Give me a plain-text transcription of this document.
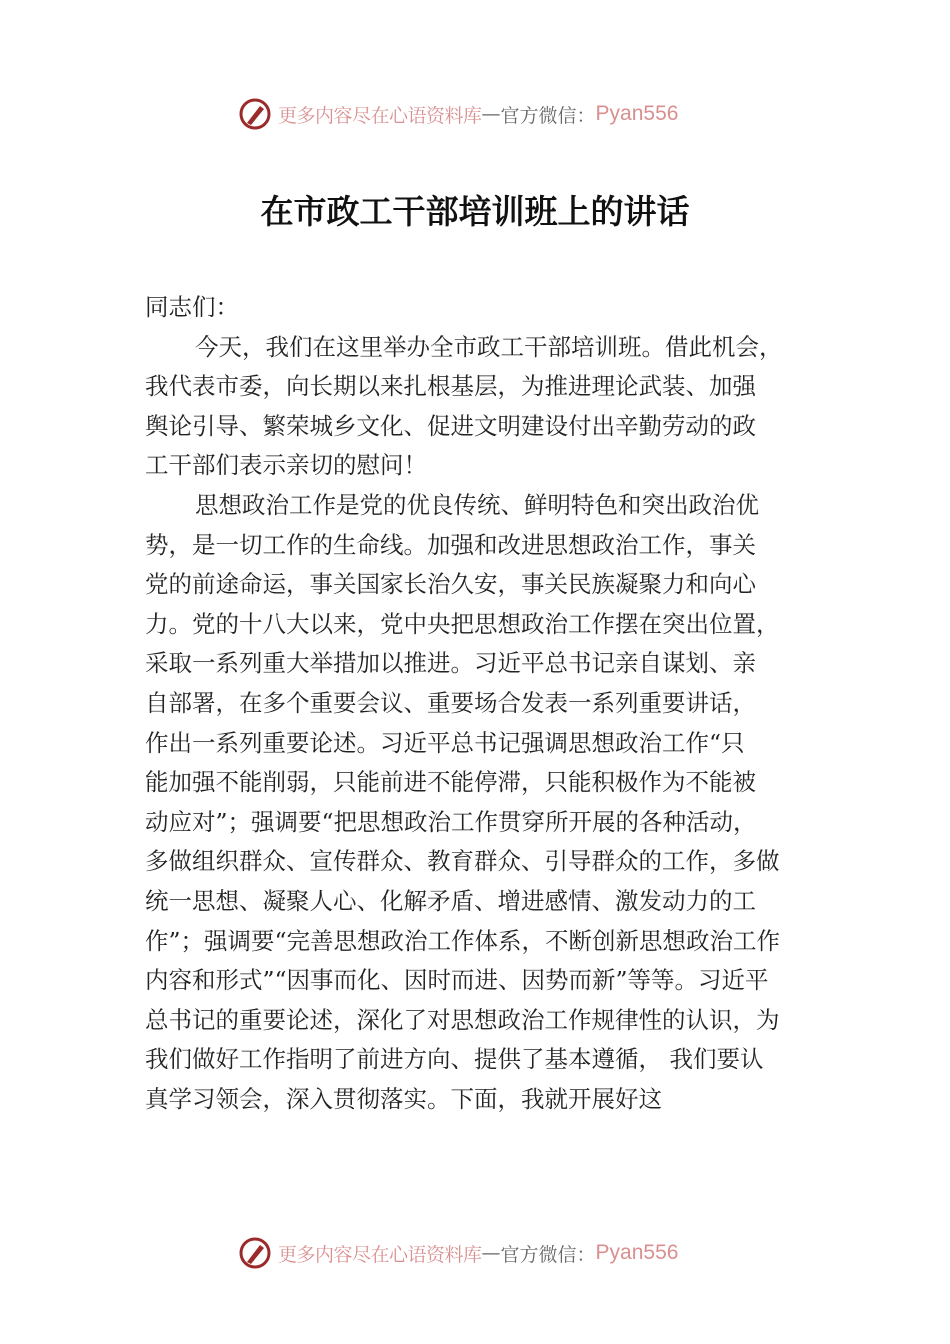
更多内容尽在心语资料库 — 官方微信： Pyan556
在市政工干部培训班上的讲话
同志们：
今天，我们在这里举办全市政工干部培训班。借此机会，
我代表市委，向长期以来扎根基层，为推进理论武装、加强
舆论引导、繁荣城乡文化、促进文明建设付出辛勤劳动的政
工干部们表示亲切的慰问！
思想政治工作是党的优良传统、鲜明特色和突出政治优
势，是一切工作的生命线。加强和改进思想政治工作，事关
党的前途命运，事关国家长治久安，事关民族凝聚力和向心
力。党的十八大以来，党中央把思想政治工作摆在突出位置，
采取一系列重大举措加以推进。习近平总书记亲自谋划、亲
自部署，在多个重要会议、重要场合发表一系列重要讲话，
作出一系列重要论述。习近平总书记强调思想政治工作“只
能加强不能削弱，只能前进不能停滞，只能积极作为不能被
动应对”；强调要“把思想政治工作贯穿所开展的各种活动，
多做组织群众、宣传群众、教育群众、引导群众的工作，多做
统一思想、凝聚人心、化解矛盾、增进感情、激发动力的工
作”；强调要“完善思想政治工作体系，不断创新思想政治工作
内容和形式”“因事而化、因时而进、因势而新”等等。习近平
总书记的重要论述，深化了对思想政治工作规律性的认识，为
我们做好工作指明了前进方向、提供了基本遵循， 我们要认
真学习领会，深入贯彻落实。下面，我就开展好这
更多内容尽在心语资料库 — 官方微信： Pyan556
